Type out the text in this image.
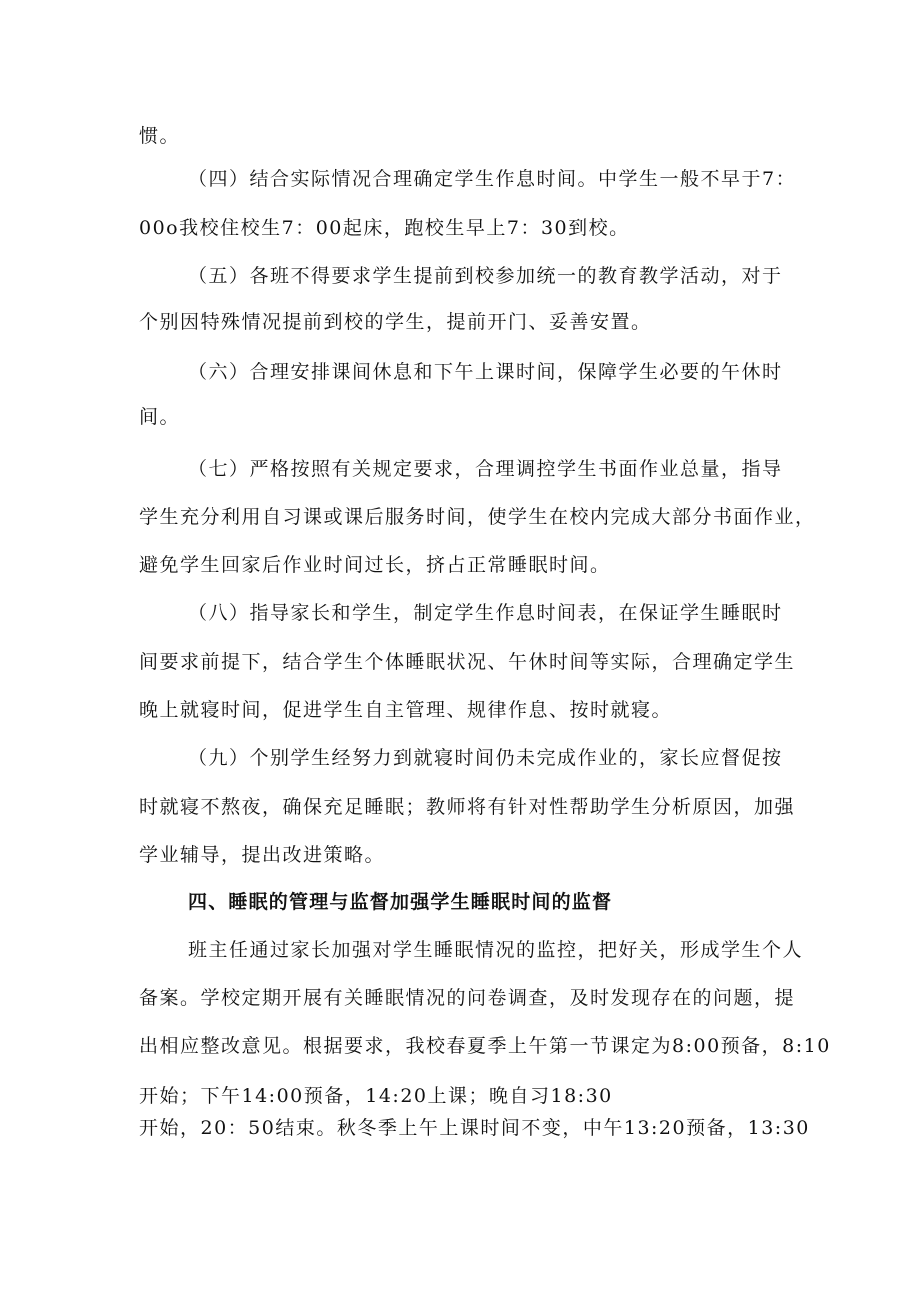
惯。
（四）结合实际情况合理确定学生作息时间。中学生一般不早于7：
00o我校住校生7：00起床，跑校生早上7：30到校。
（五）各班不得要求学生提前到校参加统一的教育教学活动，对于
个别因特殊情况提前到校的学生，提前开门、妥善安置。
（六）合理安排课间休息和下午上课时间，保障学生必要的午休时
间。
（七）严格按照有关规定要求，合理调控学生书面作业总量，指导
学生充分利用自习课或课后服务时间，使学生在校内完成大部分书面作业，
避免学生回家后作业时间过长，挤占正常睡眠时间。
（八）指导家长和学生，制定学生作息时间表，在保证学生睡眠时
间要求前提下，结合学生个体睡眠状况、午休时间等实际，合理确定学生
晚上就寝时间，促进学生自主管理、规律作息、按时就寝。
（九）个别学生经努力到就寝时间仍未完成作业的，家长应督促按
时就寝不熬夜，确保充足睡眠；教师将有针对性帮助学生分析原因，加强
学业辅导，提出改进策略。
四、睡眠的管理与监督加强学生睡眠时间的监督
班主任通过家长加强对学生睡眠情况的监控，把好关，形成学生个人
备案。学校定期开展有关睡眠情况的问卷调查，及时发现存在的问题，提
出相应整改意见。根据要求，我校春夏季上午第一节课定为8:00预备，8:10
开始；下午14:00预备，14:20上课；晚自习18:30
开始，20：50结束。秋冬季上午上课时间不变，中午13:20预备，13:30
